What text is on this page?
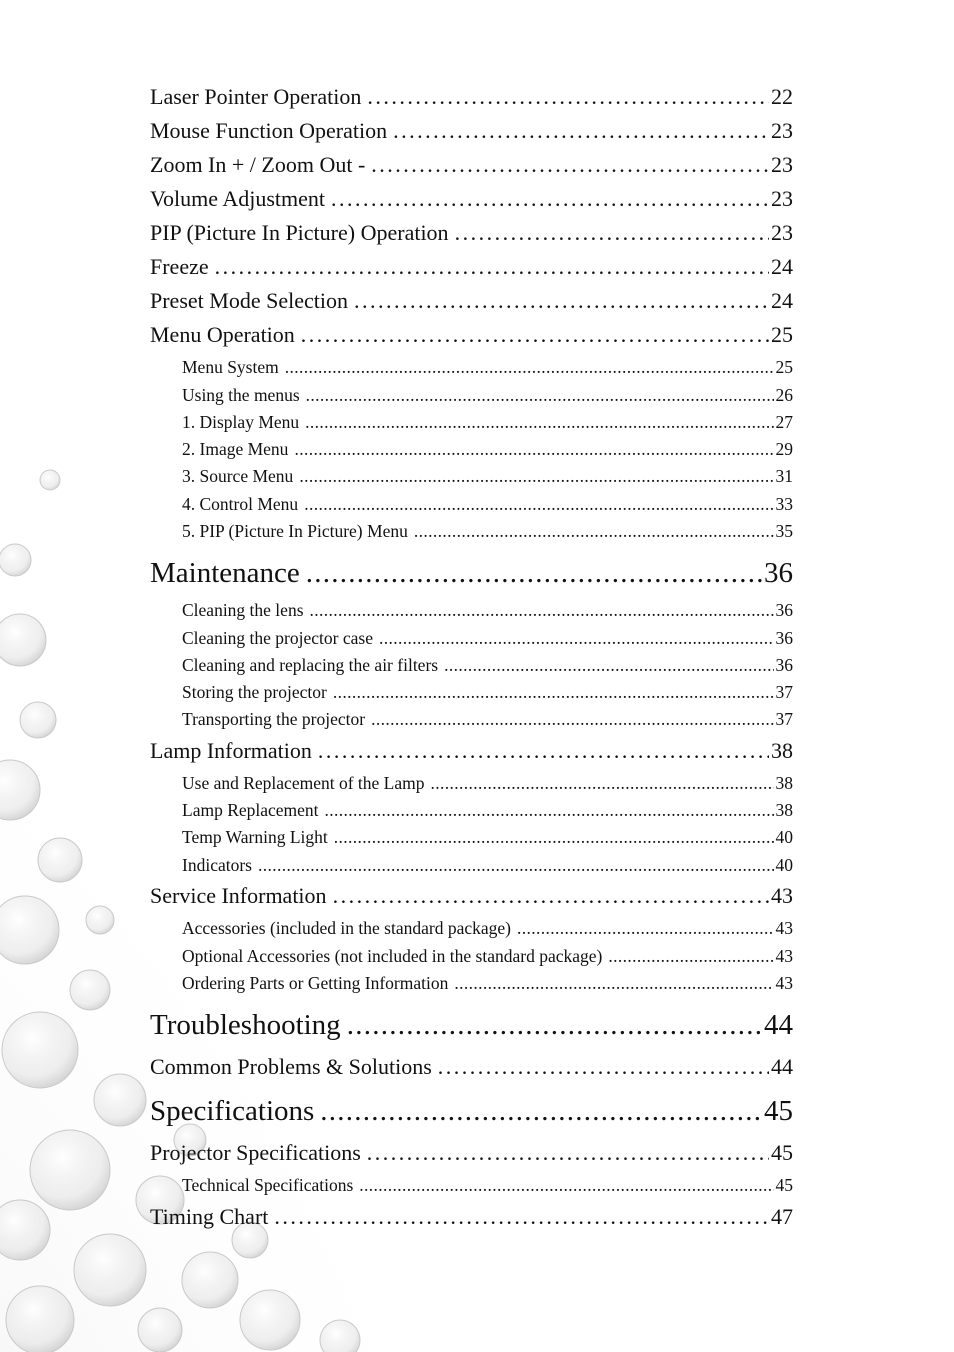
Laser Pointer Operation . . .	22
Mouse Function Operation . . .	23
Zoom In + / Zoom Out - . . .	23
Volume Adjustment . . .	23
PIP (Picture In Picture) Operation . . .	23
Freeze . . .	24
Preset Mode Selection . . .	24
Menu Operation . . .	25
Menu System . . .	25
Using the menus . . .	26
1. Display Menu . . .	27
2. Image Menu . . .	29
3. Source Menu . . .	31
4. Control Menu . . .	33
5. PIP (Picture In Picture) Menu . . .	35
Maintenance . . .	36
Cleaning the lens . . .	36
Cleaning the projector case . . .	36
Cleaning and replacing the air filters . . .	36
Storing the projector . . .	37
Transporting the projector . . .	37
Lamp Information . . .	38
Use and Replacement of the Lamp . . .	38
Lamp Replacement . . .	38
Temp Warning Light . . .	40
Indicators . . .	40
Service Information . . .	43
Accessories (included in the standard package) . . .	43
Optional Accessories (not included in the standard package) . . .	43
Ordering Parts or Getting Information . . .	43
Troubleshooting . . .	44
Common Problems & Solutions . . .	44
Specifications . . .	45
Projector Specifications . . .	45
Technical Specifications . . .	45
Timing Chart . . .	47
